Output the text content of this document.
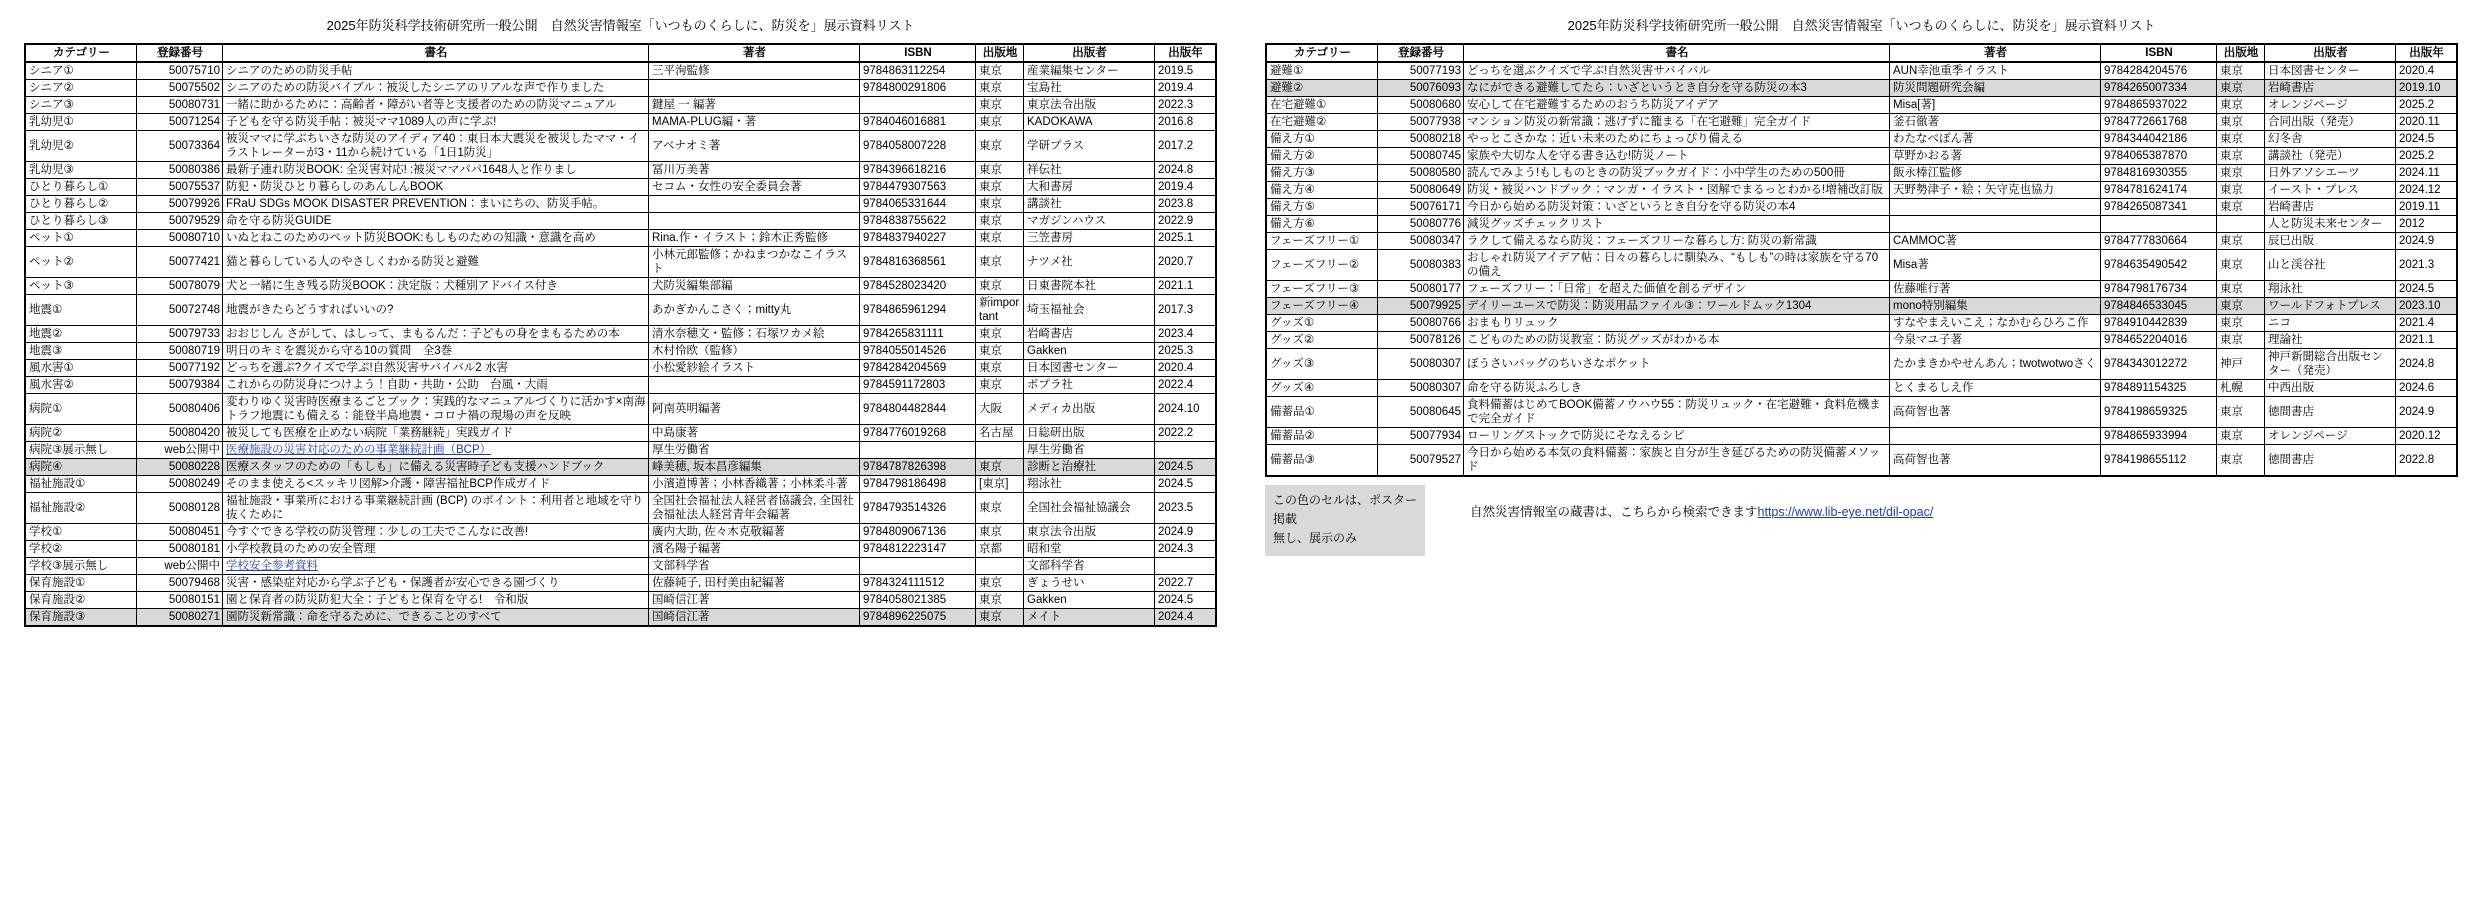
2025年防災科学技術研究所一般公開　自然災害情報室「いつものくらしに、防災を」展示資料リスト
カテゴリー	登録番号	書名	著者	ISBN	出版地	出版者	出版年
シニア①	50075710	シニアのための防災手帖	三平洵監修	9784863112254	東京	産業編集センター	2019.5
シニア②	50075502	シニアのための防災バイブル：被災したシニアのリアルな声で作りました		9784800291806	東京	宝島社	2019.4
シニア③	50080731	一緒に助かるために：高齢者・障がい者等と支援者のための防災マニュアル	鍵屋 一 編著		東京	東京法令出版	2022.3
乳幼児①	50071254	子どもを守る防災手帖：被災ママ1089人の声に学ぶ!	MAMA-PLUG編・著	9784046016881	東京	KADOKAWA	2016.8
乳幼児②	50073364	被災ママに学ぶちいさな防災のアイディア40：東日本大震災を被災したママ・イラストレーターが3・11から続けている「1日1防災」	アベナオミ著	9784058007228	東京	学研プラス	2017.2
乳幼児③	50080386	最新子連れ防災BOOK: 全災害対応! :被災ママパパ1648人と作りまし	冨川万美著	9784396618216	東京	祥伝社	2024.8
ひとり暮らし①	50075537	防犯・防災ひとり暮らしのあんしんBOOK	セコム・女性の安全委員会著	9784479307563	東京	大和書房	2019.4
ひとり暮らし②	50079926	FRaU SDGs MOOK DISASTER PREVENTION：まいにちの、防災手帖。		9784065331644	東京	講談社	2023.8
ひとり暮らし③	50079529	命を守る防災GUIDE		9784838755622	東京	マガジンハウス	2022.9
ペット①	50080710	いぬとねこのためのペット防災BOOK:もしものための知識・意識を高め	Rina.作・イラスト；鈴木正秀監修	9784837940227	東京	三笠書房	2025.1
ペット②	50077421	猫と暮らしている人のやさしくわかる防災と避難	小林元郎監修；かねまつかなこイラスト	9784816368561	東京	ナツメ社	2020.7
ペット③	50078079	犬と一緒に生き残る防災BOOK：決定版：犬種別アドバイス付き	犬防災編集部編	9784528023420	東京	日東書院本社	2021.1
地震①	50072748	地震がきたらどうすればいいの?	あかぎかんこさく；mitty丸	9784865961294	新important	埼玉福祉会	2017.3
地震②	50079733	おおじしん さがして、はしって、まもるんだ：子どもの身をまもるための本	清水奈穂文・監修；石塚ワカメ絵	9784265831111	東京	岩崎書店	2023.4
地震③	50080719	明日のキミを震災から守る10の質問　全3巻	木村怜欧（監修）	9784055014526	東京	Gakken	2025.3
風水害①	50077192	どっちを選ぶ?クイズで学ぶ!自然災害サバイバル2 水害	小松愛紗絵イラスト	9784284204569	東京	日本図書センター	2020.4
風水害②	50079384	これからの防災身につけよう！自助・共助・公助　台風・大雨		9784591172803	東京	ポプラ社	2022.4
病院①	50080406	変わりゆく災害時医療まるごとブック：実践的なマニュアルづくりに活かす×南海トラフ地震にも備える：能登半島地震・コロナ禍の現場の声を反映	阿南英明編著	9784804482844	大阪	メディカ出版	2024.10
病院②	50080420	被災しても医療を止めない病院「業務継続」実践ガイド	中島康著	9784776019268	名古屋	日総研出版	2022.2
病院③展示無し	web公開中	医療施設の災害対応のための事業継続計画（BCP）	厚生労働省			厚生労働省	
病院④	50080228	医療スタッフのための「もしも」に備える災害時子ども支援ハンドブック	峰美穂, 坂本昌彦編集	9784787826398	東京	診断と治療社	2024.5
福祉施設①	50080249	そのまま使える<スッキリ図解>介護・障害福祉BCP作成ガイド	小濱道博著；小林香織著；小林柔斗著	9784798186498	[東京]	翔泳社	2024.5
福祉施設②	50080128	福祉施設・事業所における事業継続計画 (BCP) のポイント：利用者と地域を守り抜くために	全国社会福祉法人経営者協議会, 全国社会福祉法人経営青年会編著	9784793514326	東京	全国社会福祉協議会	2023.5
学校①	50080451	今すぐできる学校の防災管理：少しの工夫でこんなに改善!	廣内大助, 佐々木克敬編著	9784809067136	東京	東京法令出版	2024.9
学校②	50080181	小学校教員のための安全管理	濱名陽子編著	9784812223147	京都	昭和堂	2024.3
学校③展示無し	web公開中	学校安全参考資料	文部科学省			文部科学省	
保育施設①	50079468	災害・感染症対応から学ぶ子ども・保護者が安心できる園づくり	佐藤純子, 田村美由紀編著	9784324111512	東京	ぎょうせい	2022.7
保育施設②	50080151	園と保育者の防災防犯大全：子どもと保育を守る!　令和版	国崎信江著	9784058021385	東京	Gakken	2024.5
保育施設③	50080271	園防災新常識：命を守るために、できることのすべて	国崎信江著	9784896225075	東京	メイト	2024.4
2025年防災科学技術研究所一般公開　自然災害情報室「いつものくらしに、防災を」展示資料リスト
カテゴリー	登録番号	書名	著者	ISBN	出版地	出版者	出版年
避難①	50077193	どっちを選ぶクイズで学ぶ!自然災害サバイバル	AUN幸池重季イラスト	9784284204576	東京	日本図書センター	2020.4
避難②	50076093	なにができる避難してたら：いざというとき自分を守る防災の本3	防災問題研究会編	9784265007334	東京	岩崎書店	2019.10
在宅避難①	50080680	安心して在宅避難するためのおうち防災アイデア	Misa[著]	9784865937022	東京	オレンジページ	2025.2
在宅避難②	50077938	マンション防災の新常識：逃げずに籠まる「在宅避難」完全ガイド	釜石徹著	9784772661768	東京	合同出版（発売）	2020.11
備え方①	50080218	やっとこさかな：近い未来のためにちょっぴり備える	わたなべぽん著	9784344042186	東京	幻冬舎	2024.5
備え方②	50080745	家族や大切な人を守る書き込む!防災ノート	草野かおる著	9784065387870	東京	講談社（発売）	2025.2
備え方③	50080580	読んでみよう!もしものときの防災ブックガイド：小中学生のための500冊	飯永棒江監修	9784816930355	東京	日外アソシエーツ	2024.11
備え方④	50080649	防災・被災ハンドブック：マンガ・イラスト・図解でまるっとわかる!増補改訂版	天野勢津子・絵；矢守克也協力	9784781624174	東京	イースト・プレス	2024.12
備え方⑤	50076171	今日から始める防災対策：いざというとき自分を守る防災の本4		9784265087341	東京	岩崎書店	2019.11
備え方⑥	50080776	減災グッズチェックリスト				人と防災未来センター	2012
フェーズフリー①	50080347	ラクして備えるなら防災：フェーズフリーな暮らし方: 防災の新常識	CAMMOC著	9784777830664	東京	辰巳出版	2024.9
フェーズフリー②	50080383	おしゃれ防災アイデア帖：日々の暮らしに馴染み、“もしも”の時は家族を守る70の備え	Misa著	9784635490542	東京	山と渓谷社	2021.3
フェーズフリー③	50080177	フェーズフリー：「日常」を超えた価値を創るデザイン	佐藤唯行著	9784798176734	東京	翔泳社	2024.5
フェーズフリー④	50079925	デイリーユースで防災：防災用品ファイル③：ワールドムック1304	mono特別編集	9784846533045	東京	ワールドフォトプレス	2023.10
グッズ①	50080766	おまもりリュック	すなやまえいこえ；なかむらひろこ作	9784910442839	東京	ニコ	2021.4
グッズ②	50078126	こどものための防災教室：防災グッズがわかる本	今泉マユ子著	9784652204016	東京	理論社	2021.1
グッズ③	50080307	ぼうさいバッグのちいさなポケット	たかまきかやせんあん；twotwotwoさく	9784343012272	神戸	神戸新聞総合出版センター（発売）	2024.8
グッズ④	50080307	命を守る防災ふろしき	とくまるしえ作	9784891154325	札幌	中西出版	2024.6
備蓄品①	50080645	食料備蓄はじめてBOOK備蓄ノウハウ55：防災リュック・在宅避難・食料危機まで完全ガイド	高荷智也著	9784198659325	東京	徳間書店	2024.9
備蓄品②	50077934	ローリングストックで防災にそなえるシピ		9784865933994	東京	オレンジページ	2020.12
備蓄品③	50079527	今日から始める本気の食料備蓄：家族と自分が生き延びるための防災備蓄メソッド	高荷智也著	9784198655112	東京	徳間書店	2022.8
この色のセルは、ポスター掲載
無し、展示のみ
自然災害情報室の蔵書は、こちらから検索できますhttps://www.lib-eye.net/dil-opac/
